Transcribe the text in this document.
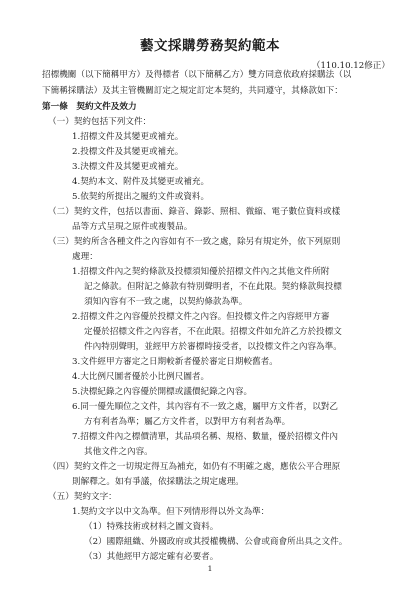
藝文採購勞務契約範本
（110.10.12修正）
招標機關（以下簡稱甲方）及得標者（以下簡稱乙方）雙方同意依政府採購法（以
下簡稱採購法）及其主管機關訂定之規定訂定本契約，共同遵守，其條款如下：
第一條　契約文件及效力
（一）契約包括下列文件：
1.招標文件及其變更或補充。
2.投標文件及其變更或補充。
3.決標文件及其變更或補充。
4.契約本文、附件及其變更或補充。
5.依契約所提出之履約文件或資料。
（二）契約文件，包括以書面、錄音、錄影、照相、微縮、電子數位資料或樣
品等方式呈現之原件或複製品。
（三）契約所含各種文件之內容如有不一致之處，除另有規定外，依下列原則
處理：
1.招標文件內之契約條款及投標須知優於招標文件內之其他文件所附
記之條款。但附記之條款有特別聲明者，不在此限。契約條款與投標
須知內容有不一致之處，以契約條款為準。
2.招標文件之內容優於投標文件之內容。但投標文件之內容經甲方審
定優於招標文件之內容者，不在此限。招標文件如允許乙方於投標文
件內特別聲明，並經甲方於審標時接受者，以投標文件之內容為準。
3.文件經甲方審定之日期較新者優於審定日期較舊者。
4.大比例尺圖者優於小比例尺圖者。
5.決標紀錄之內容優於開標或議價紀錄之內容。
6.同一優先順位之文件，其內容有不一致之處，屬甲方文件者，以對乙
方有利者為準；屬乙方文件者，以對甲方有利者為準。
7.招標文件內之標價清單，其品項名稱、規格、數量，優於招標文件內
其他文件之內容。
（四）契約文件之一切規定得互為補充，如仍有不明確之處，應依公平合理原
則解釋之。如有爭議，依採購法之規定處理。
（五）契約文字：
1.契約文字以中文為準。但下列情形得以外文為準：
（1）特殊技術或材料之圖文資料。
（2）國際組織、外國政府或其授權機構、公會或商會所出具之文件。
（3）其他經甲方認定確有必要者。
1
